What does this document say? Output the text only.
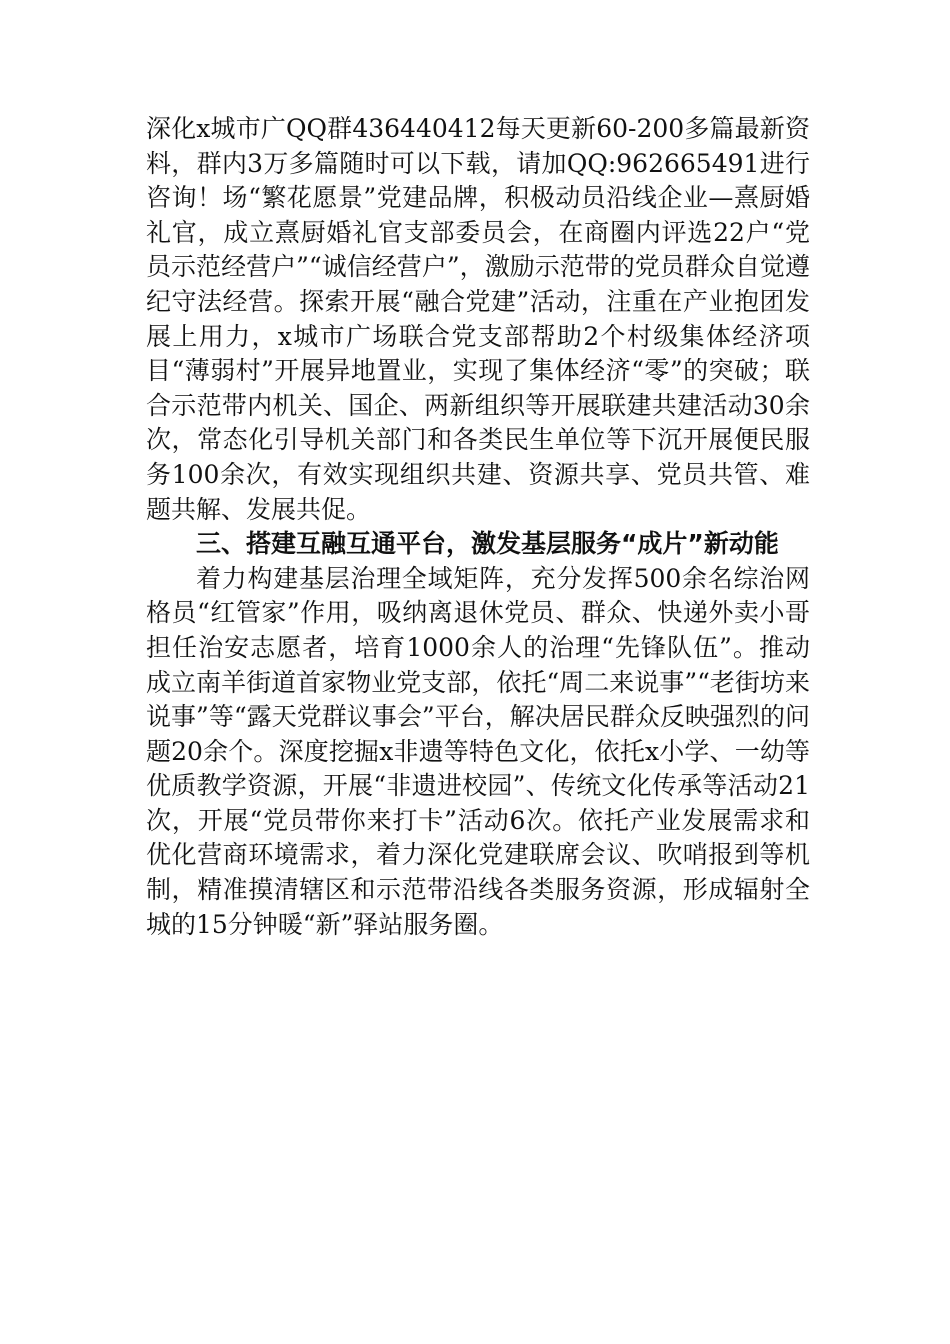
深化x城市广QQ群436440412每天更新60-200多篇最新资料，群内3万多篇随时可以下载，请加QQ:962665491进行咨询！场“繁花愿景”党建品牌，积极动员沿线企业—熹厨婚礼官，成立熹厨婚礼官支部委员会，在商圈内评选22户“党员示范经营户”“诚信经营户”，激励示范带的党员群众自觉遵纪守法经营。探索开展“融合党建”活动，注重在产业抱团发展上用力，x城市广场联合党支部帮助2个村级集体经济项目“薄弱村”开展异地置业，实现了集体经济“零”的突破；联合示范带内机关、国企、两新组织等开展联建共建活动30余次，常态化引导机关部门和各类民生单位等下沉开展便民服务100余次，有效实现组织共建、资源共享、党员共管、难题共解、发展共促。

三、搭建互融互通平台，激发基层服务“成片”新动能

着力构建基层治理全域矩阵，充分发挥500余名综治网格员“红管家”作用，吸纳离退休党员、群众、快递外卖小哥担任治安志愿者，培育1000余人的治理“先锋队伍”。推动成立南羊街道首家物业党支部，依托“周二来说事”“老街坊来说事”等“露天党群议事会”平台，解决居民群众反映强烈的问题20余个。深度挖掘x非遗等特色文化，依托x小学、一幼等优质教学资源，开展“非遗进校园”、传统文化传承等活动21次，开展“党员带你来打卡”活动6次。依托产业发展需求和优化营商环境需求，着力深化党建联席会议、吹哨报到等机制，精准摸清辖区和示范带沿线各类服务资源，形成辐射全城的15分钟暖“新”驿站服务圈。
